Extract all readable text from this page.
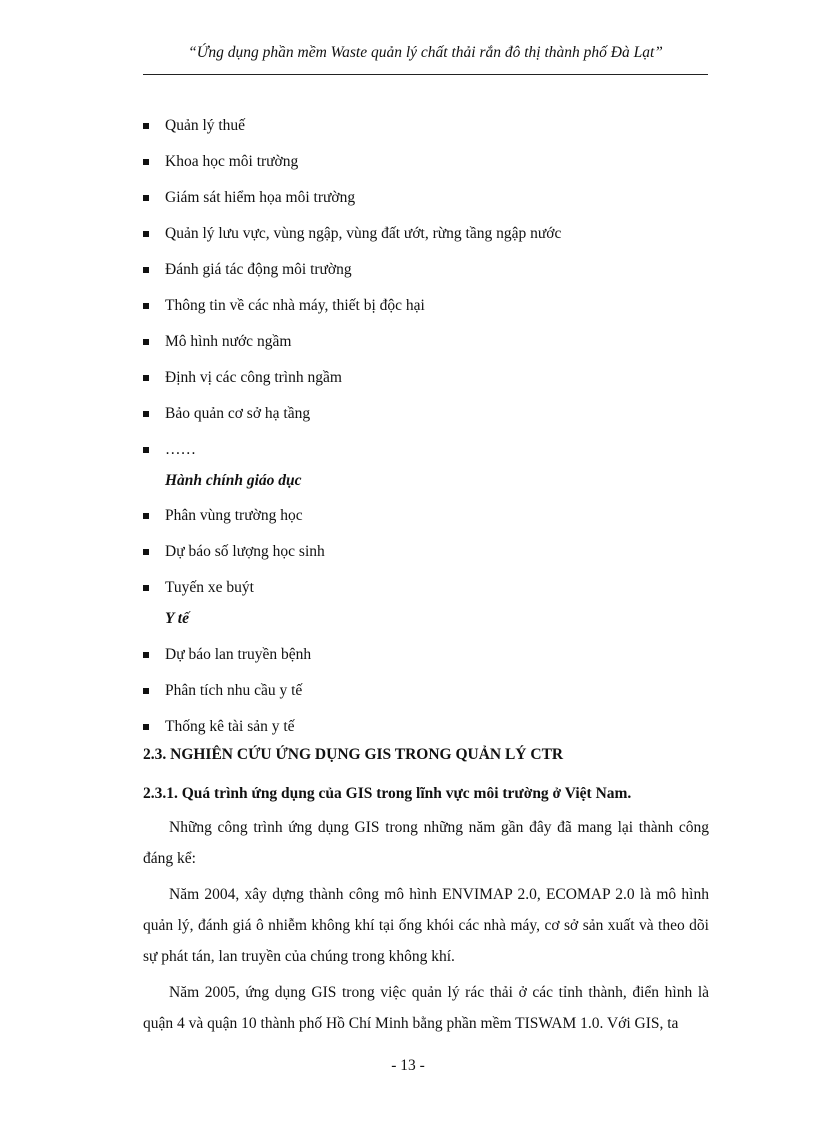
“Ứng dụng phần mềm Waste quản lý chất thải rắn đô thị thành phố Đà Lạt”
Quản lý thuế
Khoa học môi trường
Giám sát hiểm họa môi trường
Quản lý lưu vực, vùng ngập, vùng đất ướt, rừng tầng ngập nước
Đánh giá tác động môi trường
Thông tin về các nhà máy, thiết bị độc hại
Mô hình nước ngầm
Định vị các công trình ngầm
Bảo quản cơ sở hạ tầng
……
Hành chính giáo dục
Phân vùng trường học
Dự báo số lượng học sinh
Tuyến xe buýt
Y tế
Dự báo lan truyền bệnh
Phân tích nhu cầu y tế
Thống kê tài sản y tế
2.3. NGHIÊN CỨU ỨNG DỤNG GIS TRONG QUẢN LÝ CTR
2.3.1. Quá trình ứng dụng của GIS trong lĩnh vực môi trường ở Việt Nam.
Những công trình ứng dụng GIS trong những năm gần đây đã mang lại thành công đáng kể:
Năm 2004, xây dựng thành công mô hình ENVIMAP 2.0, ECOMAP 2.0 là mô hình quản lý, đánh giá ô nhiễm không khí tại ống khói các nhà máy, cơ sở sản xuất và theo dõi sự phát tán, lan truyền của chúng trong không khí.
Năm 2005, ứng dụng GIS trong việc quản lý rác thải ở các tỉnh thành, điển hình là quận 4 và quận 10 thành phố Hồ Chí Minh bằng phần mềm TISWAM 1.0. Với GIS, ta
- 13 -
